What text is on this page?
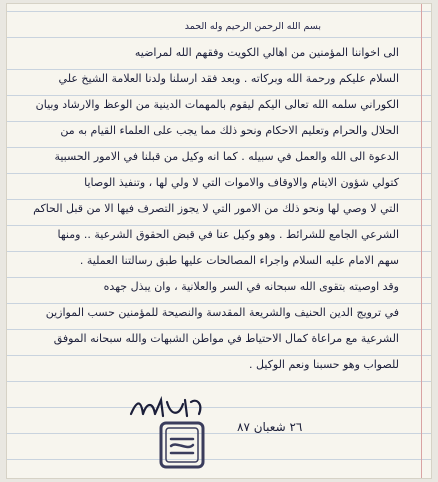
بسم الله الرحمن الرحيم وله الحمد
الى اخواننا المؤمنين من اهالي الكويت وفقهم الله لمراضيه
السلام عليكم ورحمة الله وبركاته . وبعد فقد ارسلنا ولدنا العلامة الشيخ علي
الكوراني سلمه الله تعالى اليكم ليقوم بالمهمات الدينية من الوعظ والارشاد وبيان
الحلال والحرام وتعليم الاحكام ونحو ذلك مما يجب على العلماء القيام به من
الدعوة الى الله والعمل في سبيله . كما انه وكيل من قبلنا في الامور الحسبية
كتولي شؤون الايتام والاوقاف والاموات التي لا ولي لها ، وتنفيذ الوصايا
التي لا وصي لها ونحو ذلك من الامور التي لا يجوز التصرف فيها الا من قبل الحاكم
الشرعي الجامع للشرائط . وهو وكيل عنا في قبض الحقوق الشرعية .. ومنها
سهم الامام عليه السلام واجراء المصالحات عليها طبق رسالتنا العملية .
وقد اوصيته بتقوى الله سبحانه في السر والعلانية ، وان يبذل جهده
في ترويج الدين الحنيف والشريعة المقدسة والنصيحة للمؤمنين حسب الموازين
الشرعية مع مراعاة كمال الاحتياط في مواطن الشبهات والله سبحانه الموفق
للصواب وهو حسبنا ونعم الوكيل .
٢٦ شعبان ٨٧
